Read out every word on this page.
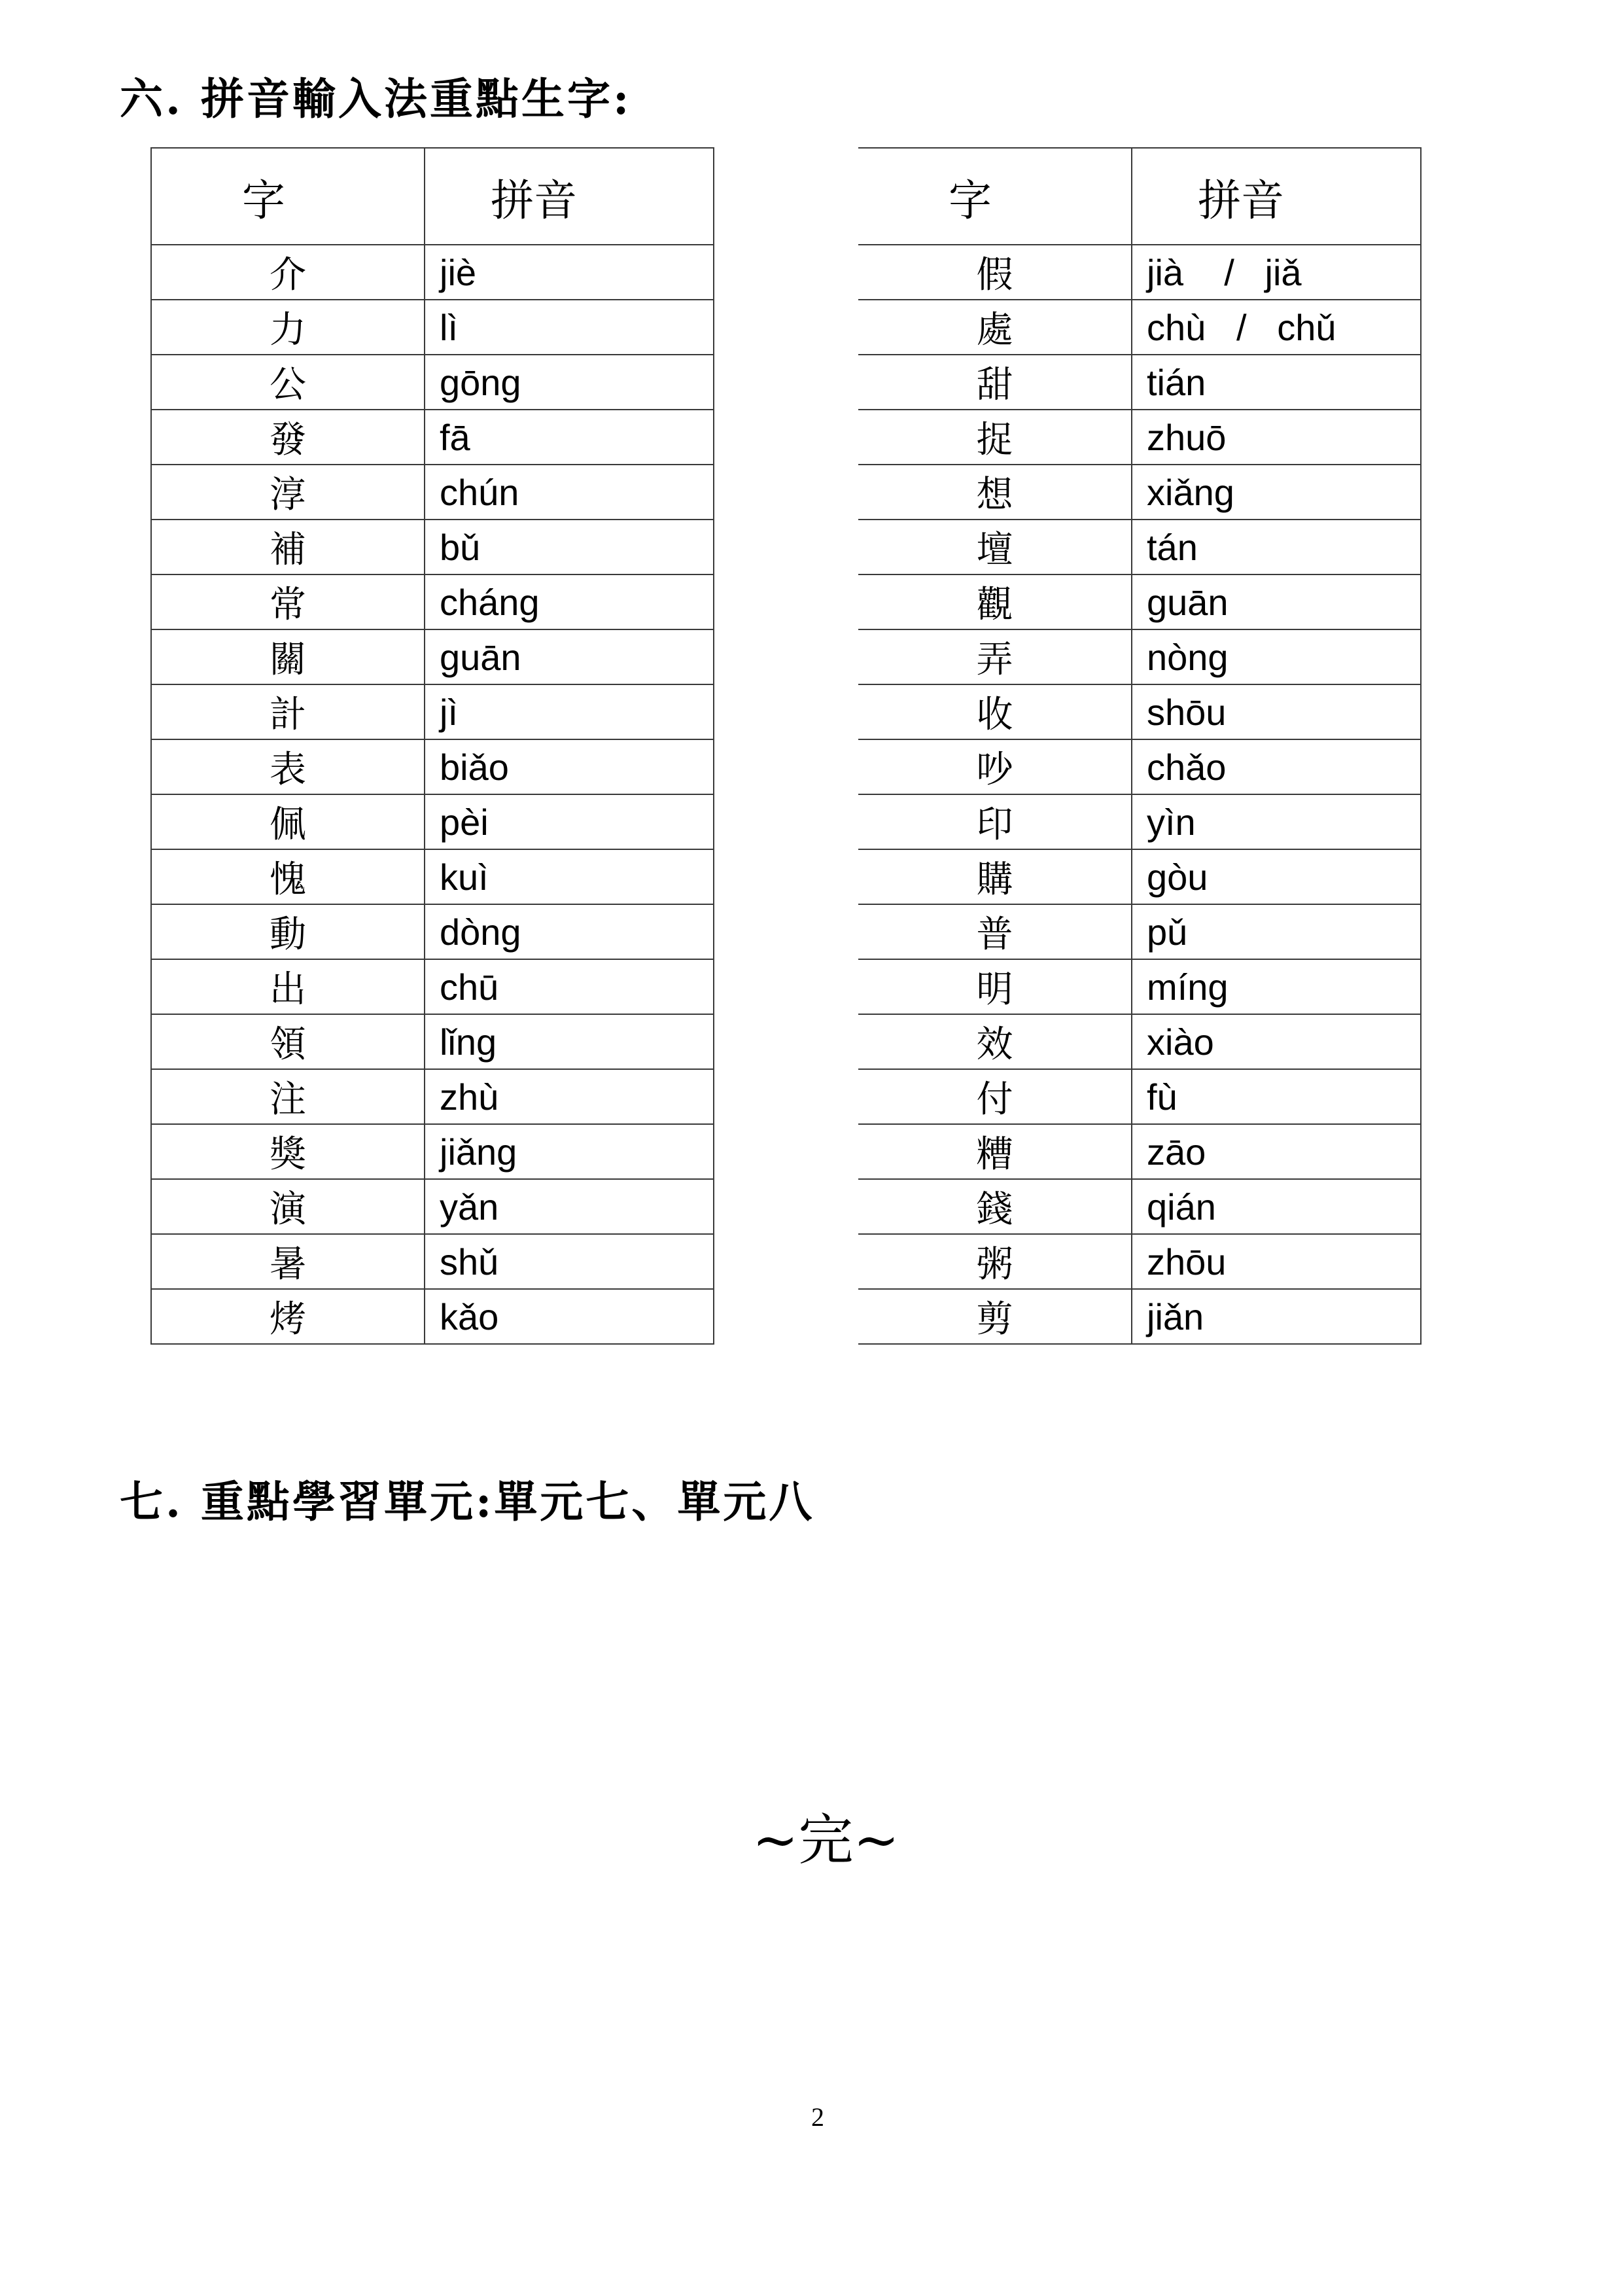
六. 拼音輸入法重點生字:
字	拼音
介	jiè
力	lì
公	gōng
發	fā
淳	chún
補	bǔ
常	cháng
關	guān
計	jì
表	biǎo
佩	pèi
愧	kuì
動	dòng
出	chū
領	lǐng
注	zhù
獎	jiǎng
演	yǎn
暑	shǔ
烤	kǎo
字	拼音
假	jià    /   jiǎ
處	chù   /   chǔ
甜	tián
捉	zhuō
想	xiǎng
壇	tán
觀	guān
弄	nòng
收	shōu
吵	chǎo
印	yìn
購	gòu
普	pǔ
明	míng
效	xiào
付	fù
糟	zāo
錢	qián
粥	zhōu
剪	jiǎn
七. 重點學習單元:單元七、單元八
~完~
2
